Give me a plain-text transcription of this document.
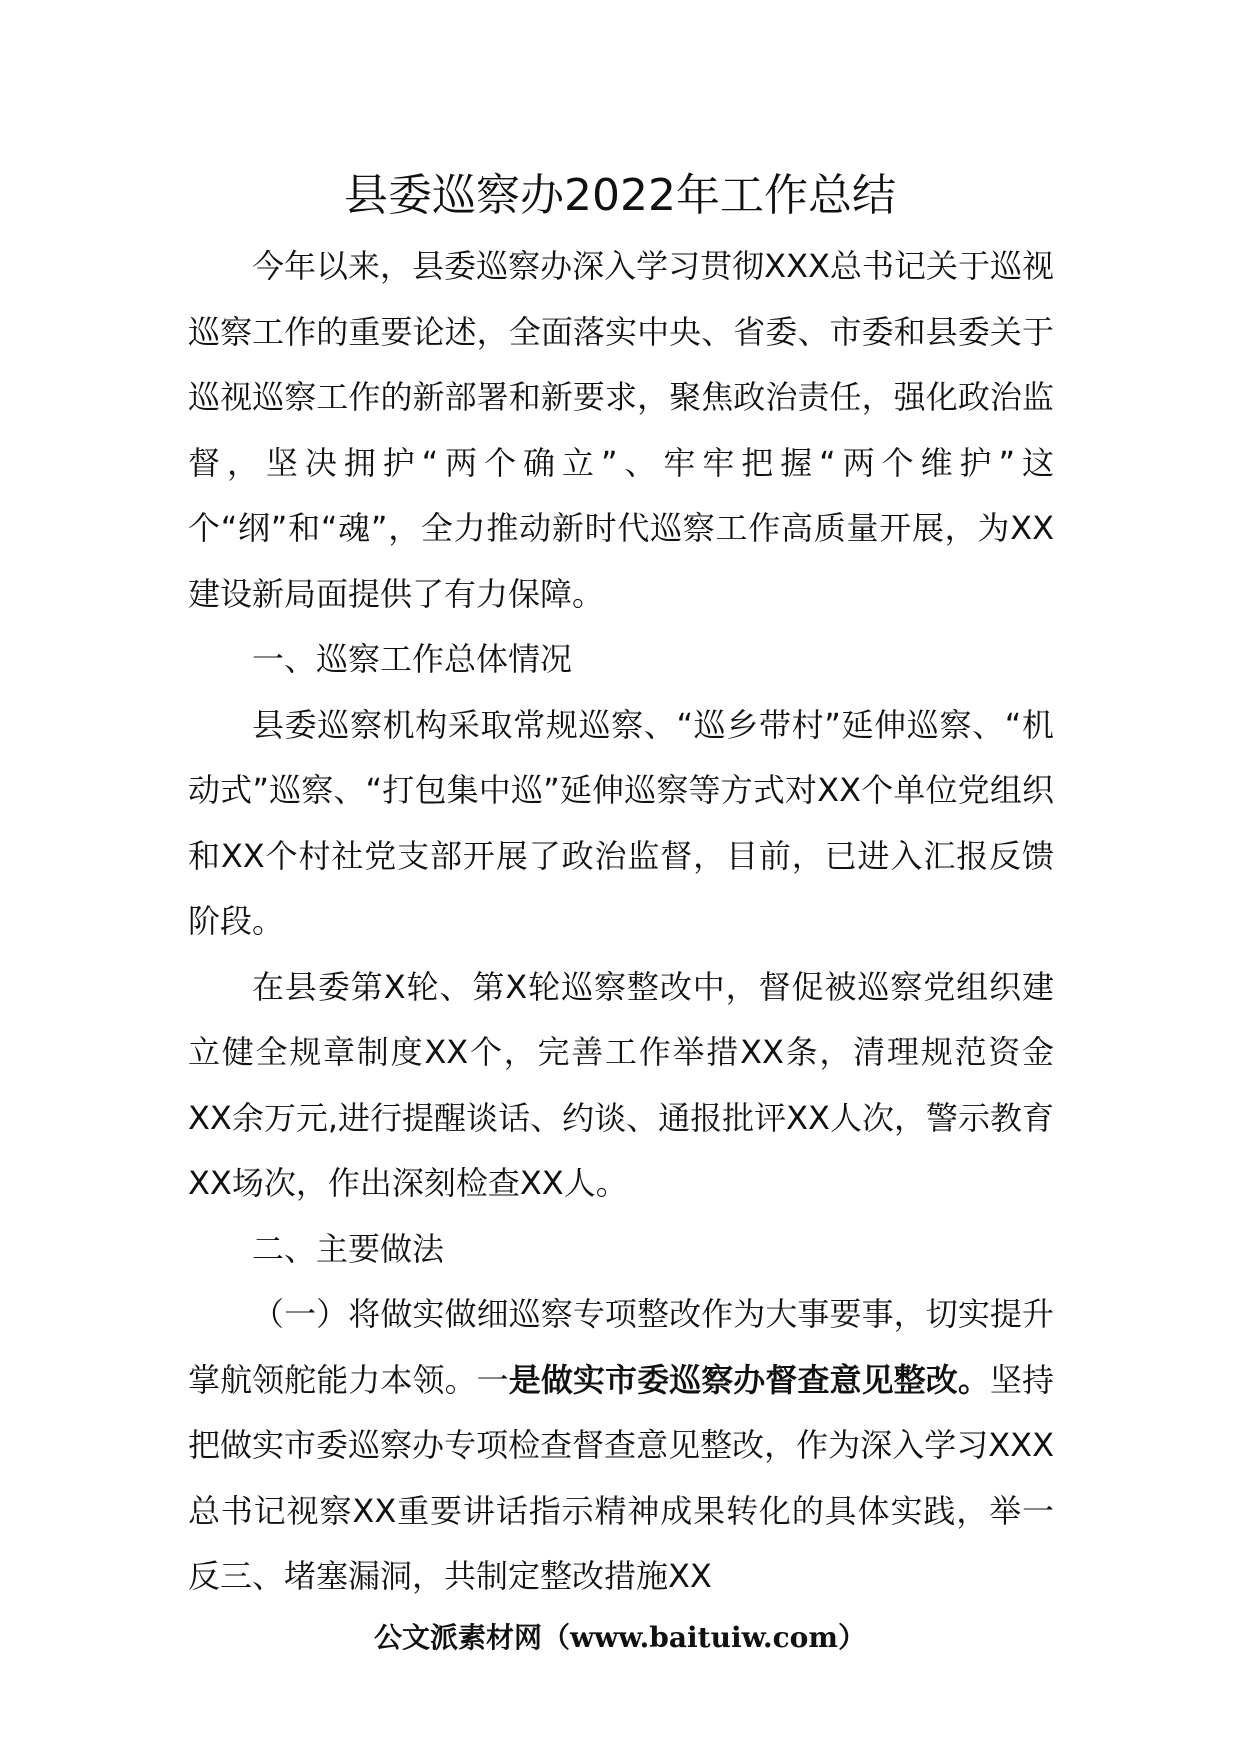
县委巡察办2022年工作总结

今年以来，县委巡察办深入学习贯彻XXX总书记关于巡视巡察工作的重要论述，全面落实中央、省委、市委和县委关于巡视巡察工作的新部署和新要求，聚焦政治责任，强化政治监督，坚决拥护“两个确立”、牢牢把握“两个维护”这个“纲”和“魂”，全力推动新时代巡察工作高质量开展，为XX建设新局面提供了有力保障。

一、巡察工作总体情况

县委巡察机构采取常规巡察、“巡乡带村”延伸巡察、“机动式”巡察、“打包集中巡”延伸巡察等方式对XX个单位党组织和XX个村社党支部开展了政治监督，目前，已进入汇报反馈阶段。

在县委第X轮、第X轮巡察整改中，督促被巡察党组织建立健全规章制度XX个，完善工作举措XX条，清理规范资金XX余万元,进行提醒谈话、约谈、通报批评XX人次，警示教育XX场次，作出深刻检查XX人。

二、主要做法

（一）将做实做细巡察专项整改作为大事要事，切实提升掌航领舵能力本领。一是做实市委巡察办督查意见整改。坚持把做实市委巡察办专项检查督查意见整改，作为深入学习XXX总书记视察XX重要讲话指示精神成果转化的具体实践，举一反三、堵塞漏洞，共制定整改措施XX

公文派素材网（www.baituiw.com）
